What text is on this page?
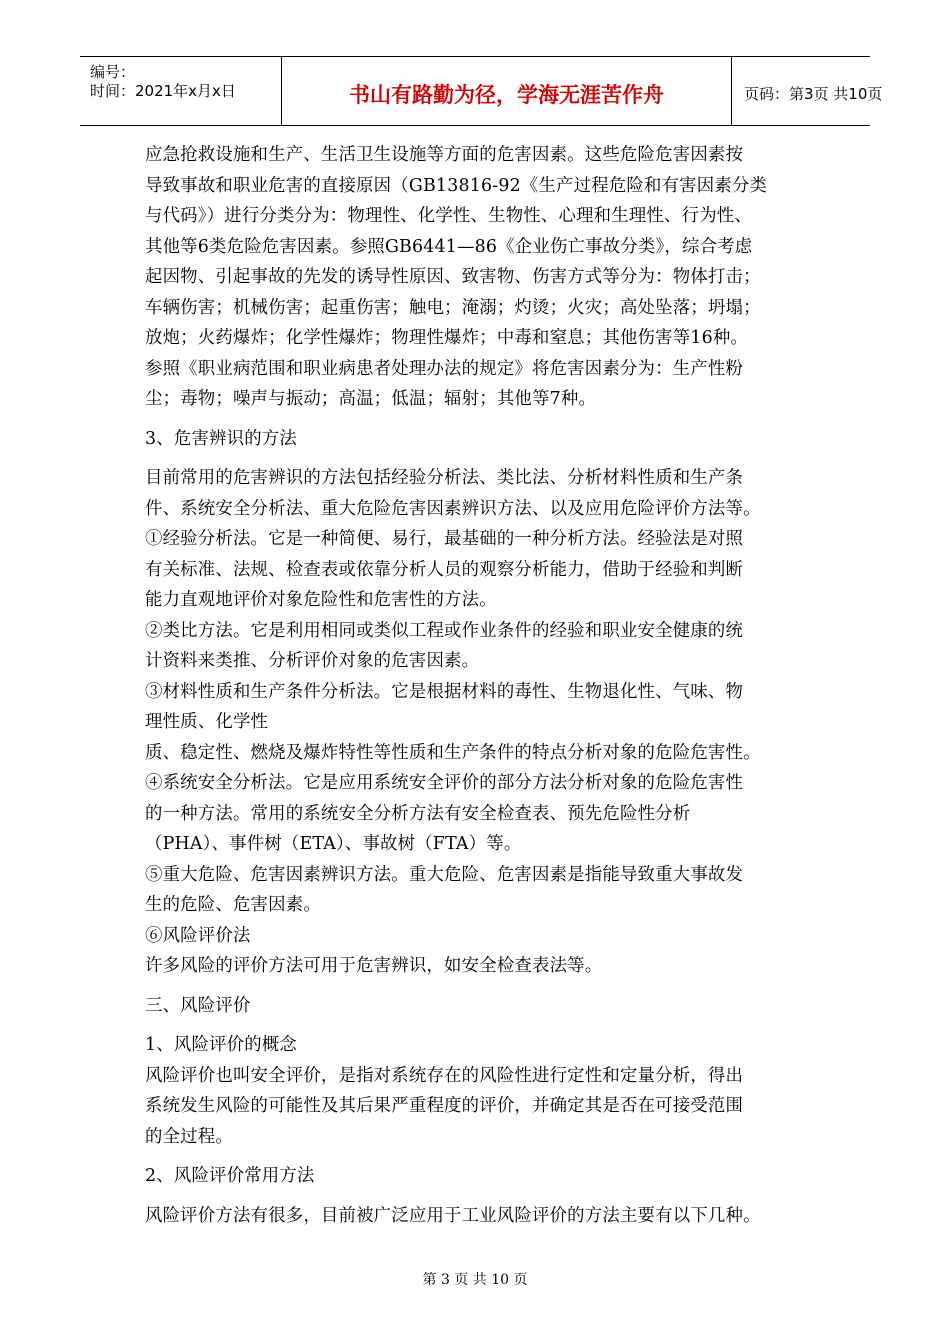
编号：
时间：2021年x月x日	书山有路勤为径，学海无涯苦作舟	页码：第3页 共10页
应急抢救设施和生产、生活卫生设施等方面的危害因素。这些危险危害因素按
导致事故和职业危害的直接原因（GB13816-92《生产过程危险和有害因素分类
与代码》）进行分类分为：物理性、化学性、生物性、心理和生理性、行为性、
其他等6类危险危害因素。参照GB6441—86《企业伤亡事故分类》，综合考虑
起因物、引起事故的先发的诱导性原因、致害物、伤害方式等分为：物体打击；
车辆伤害；机械伤害；起重伤害；触电；淹溺；灼烫；火灾；高处坠落；坍塌；
放炮；火药爆炸；化学性爆炸；物理性爆炸；中毒和窒息；其他伤害等16种。
参照《职业病范围和职业病患者处理办法的规定》将危害因素分为：生产性粉
尘；毒物；噪声与振动；高温；低温；辐射；其他等7种。
3、危害辨识的方法
目前常用的危害辨识的方法包括经验分析法、类比法、分析材料性质和生产条
件、系统安全分析法、重大危险危害因素辨识方法、以及应用危险评价方法等。
①经验分析法。它是一种简便、易行，最基础的一种分析方法。经验法是对照
有关标准、法规、检查表或依靠分析人员的观察分析能力，借助于经验和判断
能力直观地评价对象危险性和危害性的方法。
②类比方法。它是利用相同或类似工程或作业条件的经验和职业安全健康的统
计资料来类推、分析评价对象的危害因素。
③材料性质和生产条件分析法。它是根据材料的毒性、生物退化性、气味、物
理性质、化学性
质、稳定性、燃烧及爆炸特性等性质和生产条件的特点分析对象的危险危害性。
④系统安全分析法。它是应用系统安全评价的部分方法分析对象的危险危害性
的一种方法。常用的系统安全分析方法有安全检查表、预先危险性分析
（PHA）、事件树（ETA）、事故树（FTA）等。
⑤重大危险、危害因素辨识方法。重大危险、危害因素是指能导致重大事故发
生的危险、危害因素。
⑥风险评价法
许多风险的评价方法可用于危害辨识，如安全检查表法等。
三、风险评价
1、风险评价的概念
风险评价也叫安全评价，是指对系统存在的风险性进行定性和定量分析，得出
系统发生风险的可能性及其后果严重程度的评价，并确定其是否在可接受范围
的全过程。
2、风险评价常用方法
风险评价方法有很多，目前被广泛应用于工业风险评价的方法主要有以下几种。
第 3 页 共 10 页
